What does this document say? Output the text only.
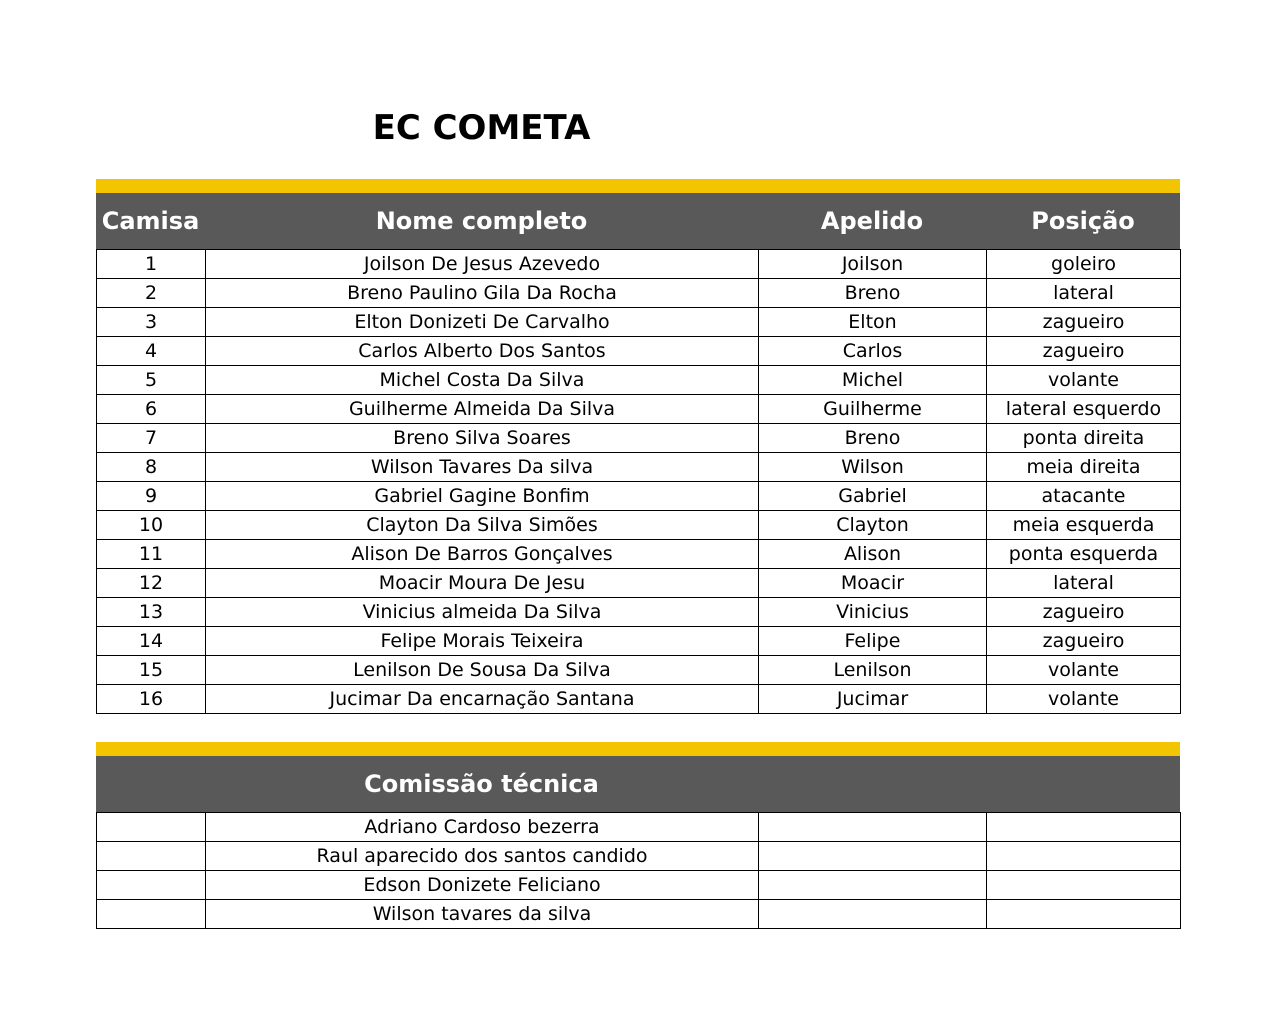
EC COMETA
Camisa	Nome completo	Apelido	Posição
1	Joilson De Jesus Azevedo	Joilson	goleiro
2	Breno Paulino Gila Da Rocha	Breno	lateral
3	Elton Donizeti De Carvalho	Elton	zagueiro
4	Carlos Alberto Dos Santos	Carlos	zagueiro
5	Michel Costa Da Silva	Michel	volante
6	Guilherme Almeida Da Silva	Guilherme	lateral esquerdo
7	Breno Silva Soares	Breno	ponta direita
8	Wilson Tavares Da silva	Wilson	meia direita
9	Gabriel Gagine Bonfim	Gabriel	atacante
10	Clayton Da Silva Simões	Clayton	meia esquerda
11	Alison De Barros Gonçalves	Alison	ponta esquerda
12	Moacir Moura De Jesu	Moacir	lateral
13	Vinicius almeida Da Silva	Vinicius	zagueiro
14	Felipe Morais Teixeira	Felipe	zagueiro
15	Lenilson De Sousa Da Silva	Lenilson	volante
16	Jucimar Da encarnação Santana	Jucimar	volante
Comissão técnica
	Adriano Cardoso bezerra		
	Raul aparecido dos santos candido		
	Edson Donizete Feliciano		
	Wilson tavares da silva		
